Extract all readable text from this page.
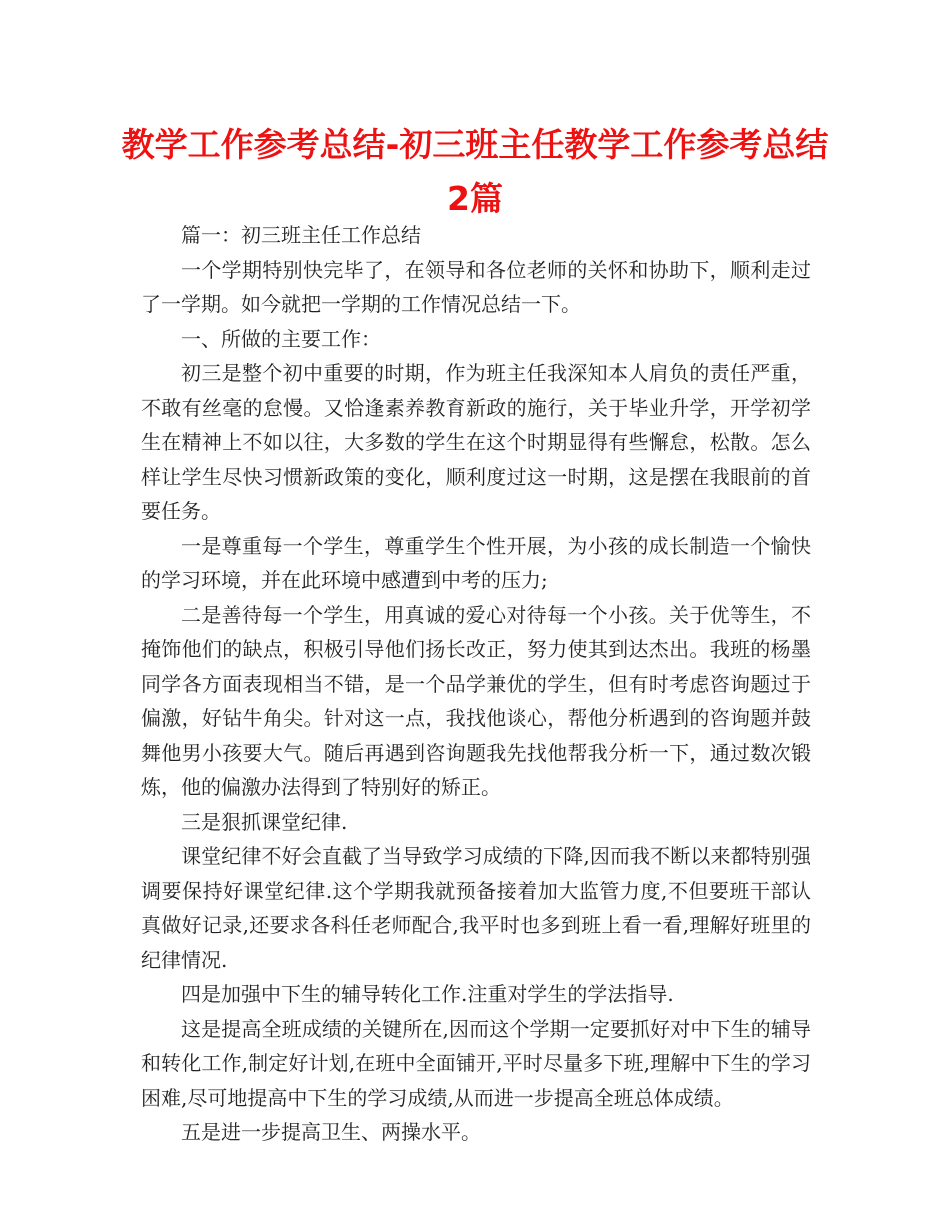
教学工作参考总结-初三班主任教学工作参考总结2篇

篇一：初三班主任工作总结

一个学期特别快完毕了，在领导和各位老师的关怀和协助下，顺利走过了一学期。如今就把一学期的工作情况总结一下。

一、所做的主要工作：

初三是整个初中重要的时期，作为班主任我深知本人肩负的责任严重，不敢有丝毫的怠慢。又恰逢素养教育新政的施行，关于毕业升学，开学初学生在精神上不如以往，大多数的学生在这个时期显得有些懈怠，松散。怎么样让学生尽快习惯新政策的变化，顺利度过这一时期，这是摆在我眼前的首要任务。

一是尊重每一个学生，尊重学生个性开展，为小孩的成长制造一个愉快的学习环境，并在此环境中感遭到中考的压力;

二是善待每一个学生，用真诚的爱心对待每一个小孩。关于优等生，不掩饰他们的缺点，积极引导他们扬长改正，努力使其到达杰出。我班的杨墨同学各方面表现相当不错，是一个品学兼优的学生，但有时考虑咨询题过于偏激，好钻牛角尖。针对这一点，我找他谈心，帮他分析遇到的咨询题并鼓舞他男小孩要大气。随后再遇到咨询题我先找他帮我分析一下，通过数次锻炼，他的偏激办法得到了特别好的矫正。

三是狠抓课堂纪律.

课堂纪律不好会直截了当导致学习成绩的下降,因而我不断以来都特别强调要保持好课堂纪律.这个学期我就预备接着加大监管力度,不但要班干部认真做好记录,还要求各科任老师配合,我平时也多到班上看一看,理解好班里的纪律情况.

四是加强中下生的辅导转化工作.注重对学生的学法指导.

这是提高全班成绩的关键所在,因而这个学期一定要抓好对中下生的辅导和转化工作,制定好计划,在班中全面铺开,平时尽量多下班,理解中下生的学习困难,尽可地提高中下生的学习成绩,从而进一步提高全班总体成绩。

五是进一步提高卫生、两操水平。
